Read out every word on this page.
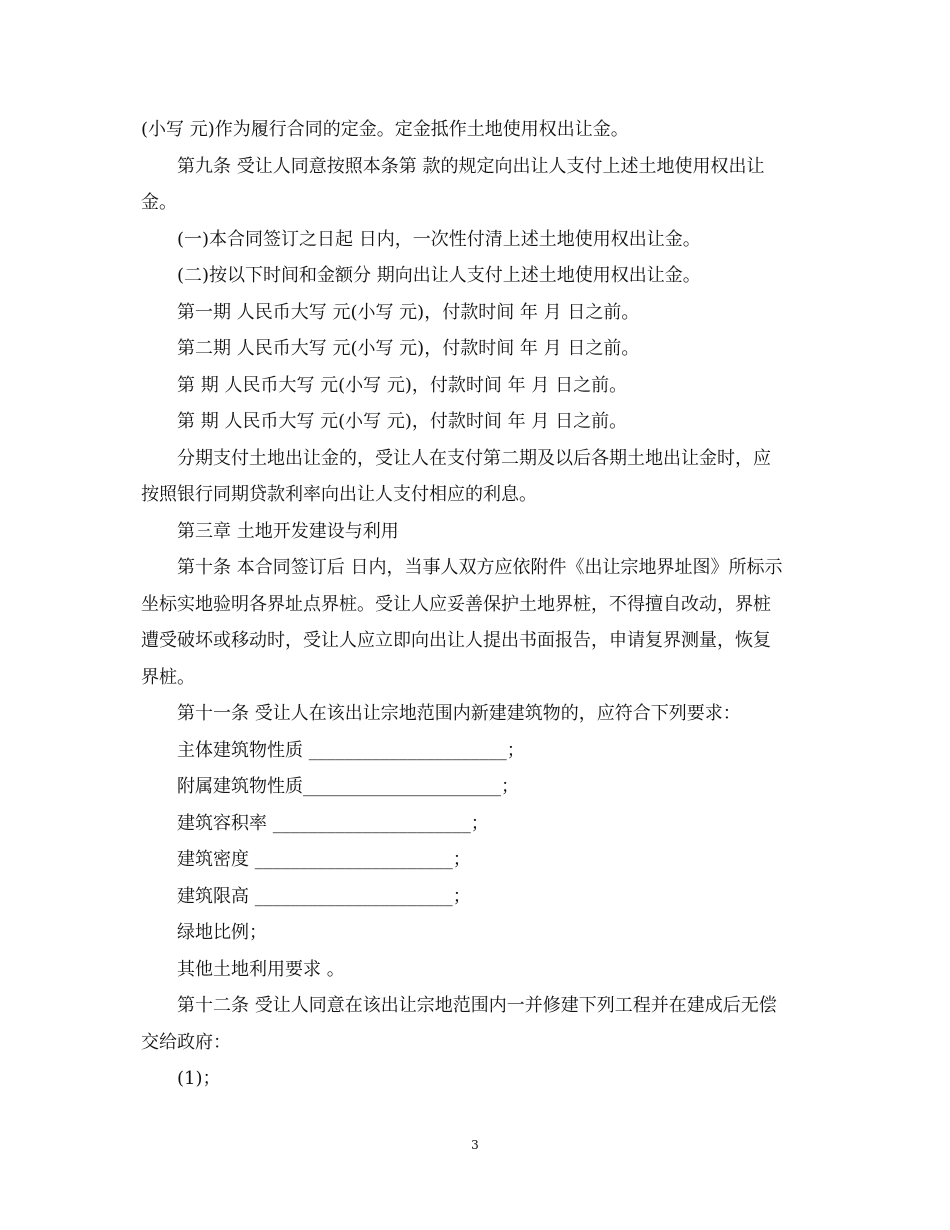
(小写 元)作为履行合同的定金。定金抵作土地使用权出让金。
第九条 受让人同意按照本条第 款的规定向出让人支付上述土地使用权出让
金。
(一)本合同签订之日起 日内，一次性付清上述土地使用权出让金。
(二)按以下时间和金额分 期向出让人支付上述土地使用权出让金。
第一期 人民币大写 元(小写 元)，付款时间 年 月 日之前。
第二期 人民币大写 元(小写 元)，付款时间 年 月 日之前。
第 期 人民币大写 元(小写 元)，付款时间 年 月 日之前。
第 期 人民币大写 元(小写 元)，付款时间 年 月 日之前。
分期支付土地出让金的，受让人在支付第二期及以后各期土地出让金时，应
按照银行同期贷款利率向出让人支付相应的利息。
第三章 土地开发建设与利用
第十条 本合同签订后 日内，当事人双方应依附件《出让宗地界址图》所标示
坐标实地验明各界址点界桩。受让人应妥善保护土地界桩，不得擅自改动，界桩
遭受破坏或移动时，受让人应立即向出让人提出书面报告，申请复界测量，恢复
界桩。
第十一条 受让人在该出让宗地范围内新建建筑物的，应符合下列要求：
主体建筑物性质 ______________________；
附属建筑物性质______________________；
建筑容积率 ______________________；
建筑密度 ______________________；
建筑限高 ______________________；
绿地比例；
其他土地利用要求 。
第十二条 受让人同意在该出让宗地范围内一并修建下列工程并在建成后无偿
交给政府：
(1)；
3
